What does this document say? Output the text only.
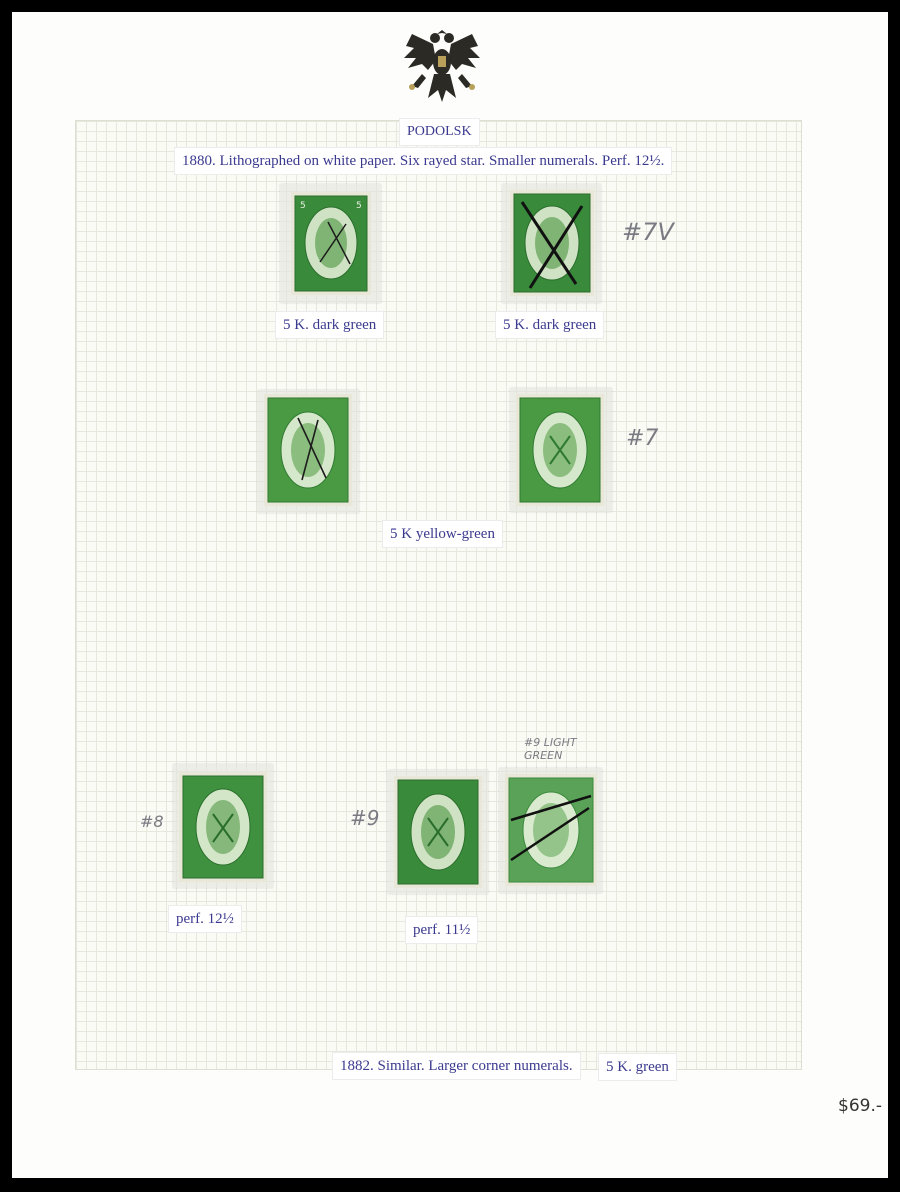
PODOLSK
1880. Lithographed on white paper. Six rayed star. Smaller numerals. Perf. 12½.
5	5
#7V
5 K. dark green	5 K. dark green
#7
5 K yellow-green
#8	#9
#9 LIGHT GREEN
perf. 12½
perf. 11½
1882. Similar. Larger corner numerals.	5 K. green
$69.-
